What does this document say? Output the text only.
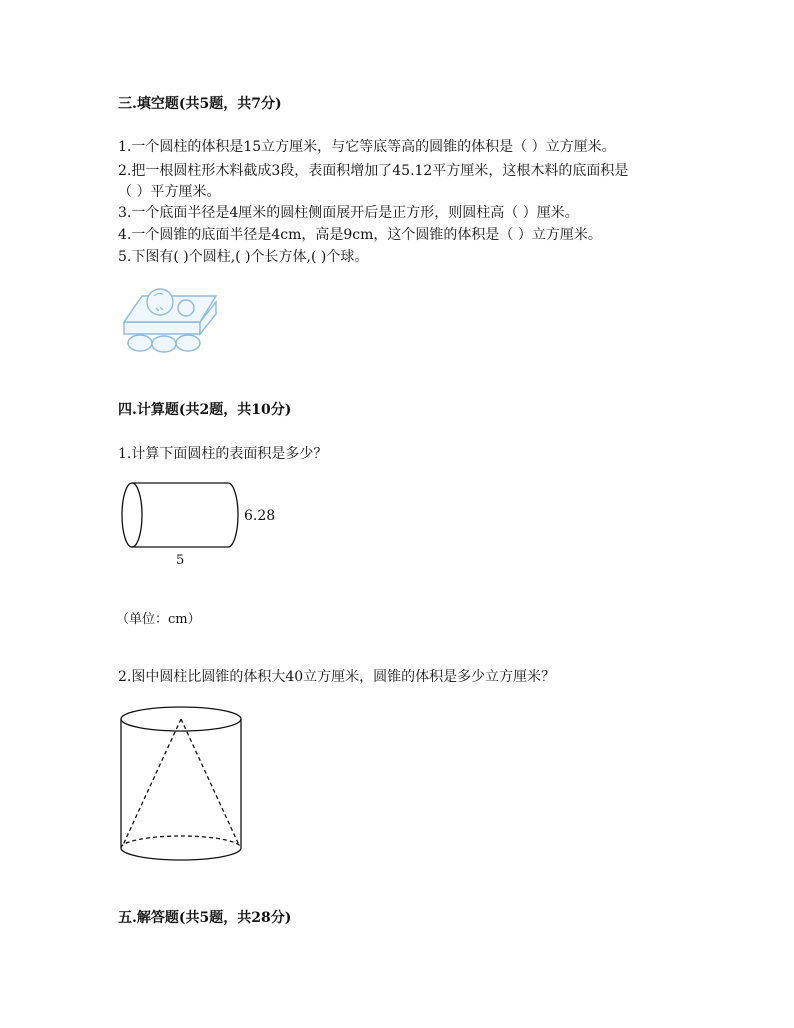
三.填空题(共5题，共7分)
1.一个圆柱的体积是15立方厘米，与它等底等高的圆锥的体积是（ ）立方厘米。
2.把一根圆柱形木料截成3段，表面积增加了45.12平方厘米，这根木料的底面积是
（ ）平方厘米。
3.一个底面半径是4厘米的圆柱侧面展开后是正方形，则圆柱高（ ）厘米。
4.一个圆锥的底面半径是4cm，高是9cm，这个圆锥的体积是（ ）立方厘米。
5.下图有( )个圆柱,( )个长方体,( )个球。
四.计算题(共2题，共10分)
1.计算下面圆柱的表面积是多少？
6.28
5
（单位：cm）
2.图中圆柱比圆锥的体积大40立方厘米，圆锥的体积是多少立方厘米？
五.解答题(共5题，共28分)
